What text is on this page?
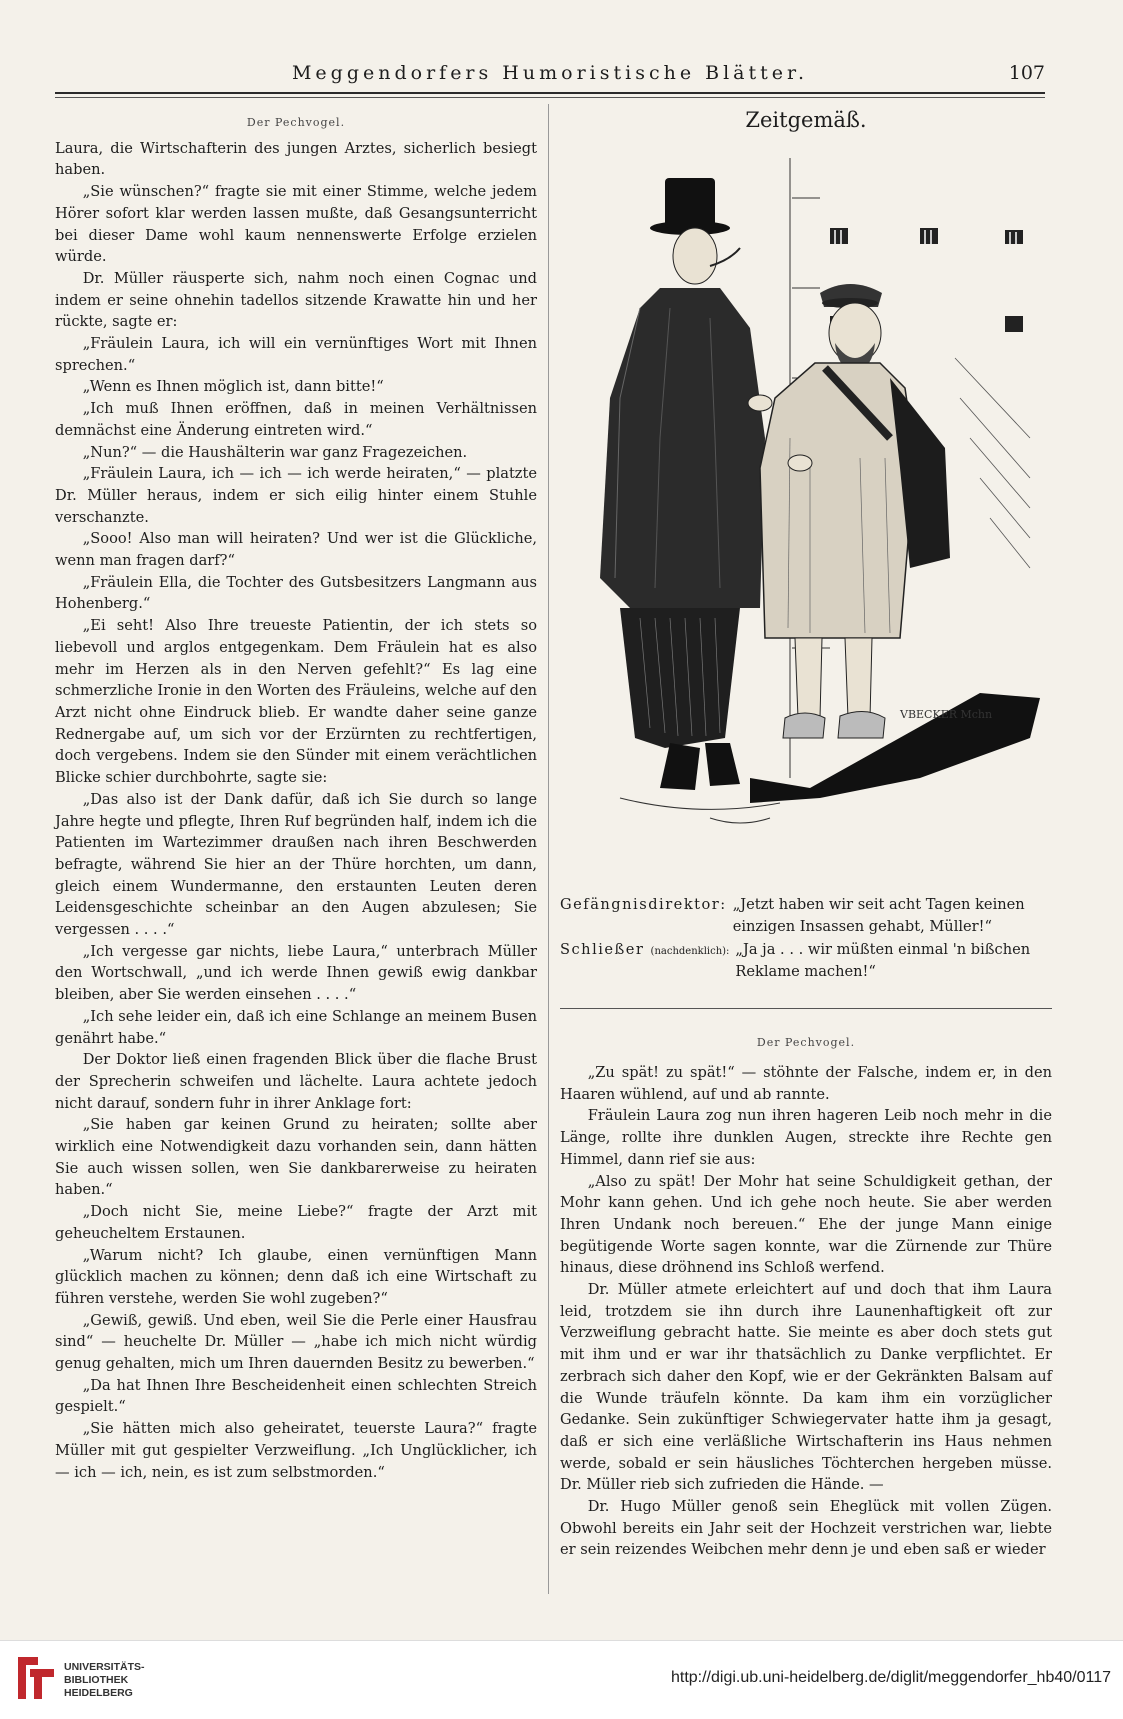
Meggendorfers Humoristische Blätter.	107
Der Pechvogel.

Laura, die Wirtschafterin des jungen Arztes, sicherlich besiegt haben.

„Sie wünschen?“ fragte sie mit einer Stimme, welche jedem Hörer sofort klar werden lassen mußte, daß Gesangsunterricht bei dieser Dame wohl kaum nennenswerte Erfolge erzielen würde.

Dr. Müller räusperte sich, nahm noch einen Cognac und indem er seine ohnehin tadellos sitzende Krawatte hin und her rückte, sagte er:

„Fräulein Laura, ich will ein vernünftiges Wort mit Ihnen sprechen.“

„Wenn es Ihnen möglich ist, dann bitte!“

„Ich muß Ihnen eröffnen, daß in meinen Verhältnissen demnächst eine Änderung eintreten wird.“

„Nun?“ — die Haushälterin war ganz Fragezeichen.

„Fräulein Laura, ich — ich — ich werde heiraten,“ — platzte Dr. Müller heraus, indem er sich eilig hinter einem Stuhle verschanzte.

„Sooo! Also man will heiraten? Und wer ist die Glückliche, wenn man fragen darf?“

„Fräulein Ella, die Tochter des Gutsbesitzers Langmann aus Hohenberg.“

„Ei seht! Also Ihre treueste Patientin, der ich stets so liebevoll und arglos entgegenkam. Dem Fräulein hat es also mehr im Herzen als in den Nerven gefehlt?“ Es lag eine schmerzliche Ironie in den Worten des Fräuleins, welche auf den Arzt nicht ohne Eindruck blieb. Er wandte daher seine ganze Rednergabe auf, um sich vor der Erzürnten zu rechtfertigen, doch vergebens. Indem sie den Sünder mit einem verächtlichen Blicke schier durchbohrte, sagte sie:

„Das also ist der Dank dafür, daß ich Sie durch so lange Jahre hegte und pflegte, Ihren Ruf begründen half, indem ich die Patienten im Wartezimmer draußen nach ihren Beschwerden befragte, während Sie hier an der Thüre horchten, um dann, gleich einem Wundermanne, den erstaunten Leuten deren Leidensgeschichte scheinbar an den Augen abzulesen; Sie vergessen . . . .“

„Ich vergesse gar nichts, liebe Laura,“ unterbrach Müller den Wortschwall, „und ich werde Ihnen gewiß ewig dankbar bleiben, aber Sie werden einsehen . . . .“

„Ich sehe leider ein, daß ich eine Schlange an meinem Busen genährt habe.“

Der Doktor ließ einen fragenden Blick über die flache Brust der Sprecherin schweifen und lächelte. Laura achtete jedoch nicht darauf, sondern fuhr in ihrer Anklage fort:

„Sie haben gar keinen Grund zu heiraten; sollte aber wirklich eine Notwendigkeit dazu vorhanden sein, dann hätten Sie auch wissen sollen, wen Sie dankbarerweise zu heiraten haben.“

„Doch nicht Sie, meine Liebe?“ fragte der Arzt mit geheucheltem Erstaunen.

„Warum nicht? Ich glaube, einen vernünftigen Mann glücklich machen zu können; denn daß ich eine Wirtschaft zu führen verstehe, werden Sie wohl zugeben?“

„Gewiß, gewiß. Und eben, weil Sie die Perle einer Hausfrau sind“ — heuchelte Dr. Müller — „habe ich mich nicht würdig genug gehalten, mich um Ihren dauernden Besitz zu bewerben.“

„Da hat Ihnen Ihre Bescheidenheit einen schlechten Streich gespielt.“

„Sie hätten mich also geheiratet, teuerste Laura?“ fragte Müller mit gut gespielter Verzweiflung. „Ich Unglücklicher, ich — ich — ich, nein, es ist zum selbstmorden.“

Zeitgemäß.
VBECKER Mchn
Gefängnisdirektor: „Jetzt haben wir seit acht Tagen keinen einzigen Insassen gehabt, Müller!“
Schließer (nachdenklich): „Ja ja . . . wir müßten einmal 'n bißchen Reklame machen!“
Der Pechvogel.

„Zu spät! zu spät!“ — stöhnte der Falsche, indem er, in den Haaren wühlend, auf und ab rannte.

Fräulein Laura zog nun ihren hageren Leib noch mehr in die Länge, rollte ihre dunklen Augen, streckte ihre Rechte gen Himmel, dann rief sie aus:

„Also zu spät! Der Mohr hat seine Schuldigkeit gethan, der Mohr kann gehen. Und ich gehe noch heute. Sie aber werden Ihren Undank noch bereuen.“ Ehe der junge Mann einige begütigende Worte sagen konnte, war die Zürnende zur Thüre hinaus, diese dröhnend ins Schloß werfend.

Dr. Müller atmete erleichtert auf und doch that ihm Laura leid, trotzdem sie ihn durch ihre Launenhaftigkeit oft zur Verzweiflung gebracht hatte. Sie meinte es aber doch stets gut mit ihm und er war ihr thatsächlich zu Danke verpflichtet. Er zerbrach sich daher den Kopf, wie er der Gekränkten Balsam auf die Wunde träufeln könnte. Da kam ihm ein vorzüglicher Gedanke. Sein zukünftiger Schwiegervater hatte ihm ja gesagt, daß er sich eine verläßliche Wirtschafterin ins Haus nehmen werde, sobald er sein häusliches Töchterchen hergeben müsse. Dr. Müller rieb sich zufrieden die Hände. —

Dr. Hugo Müller genoß sein Eheglück mit vollen Zügen. Obwohl bereits ein Jahr seit der Hochzeit verstrichen war, liebte er sein reizendes Weibchen mehr denn je und eben saß er wieder

UNIVERSITÄTS-
BIBLIOTHEK
HEIDELBERG
http://digi.ub.uni-heidelberg.de/diglit/meggendorfer_hb40/0117
